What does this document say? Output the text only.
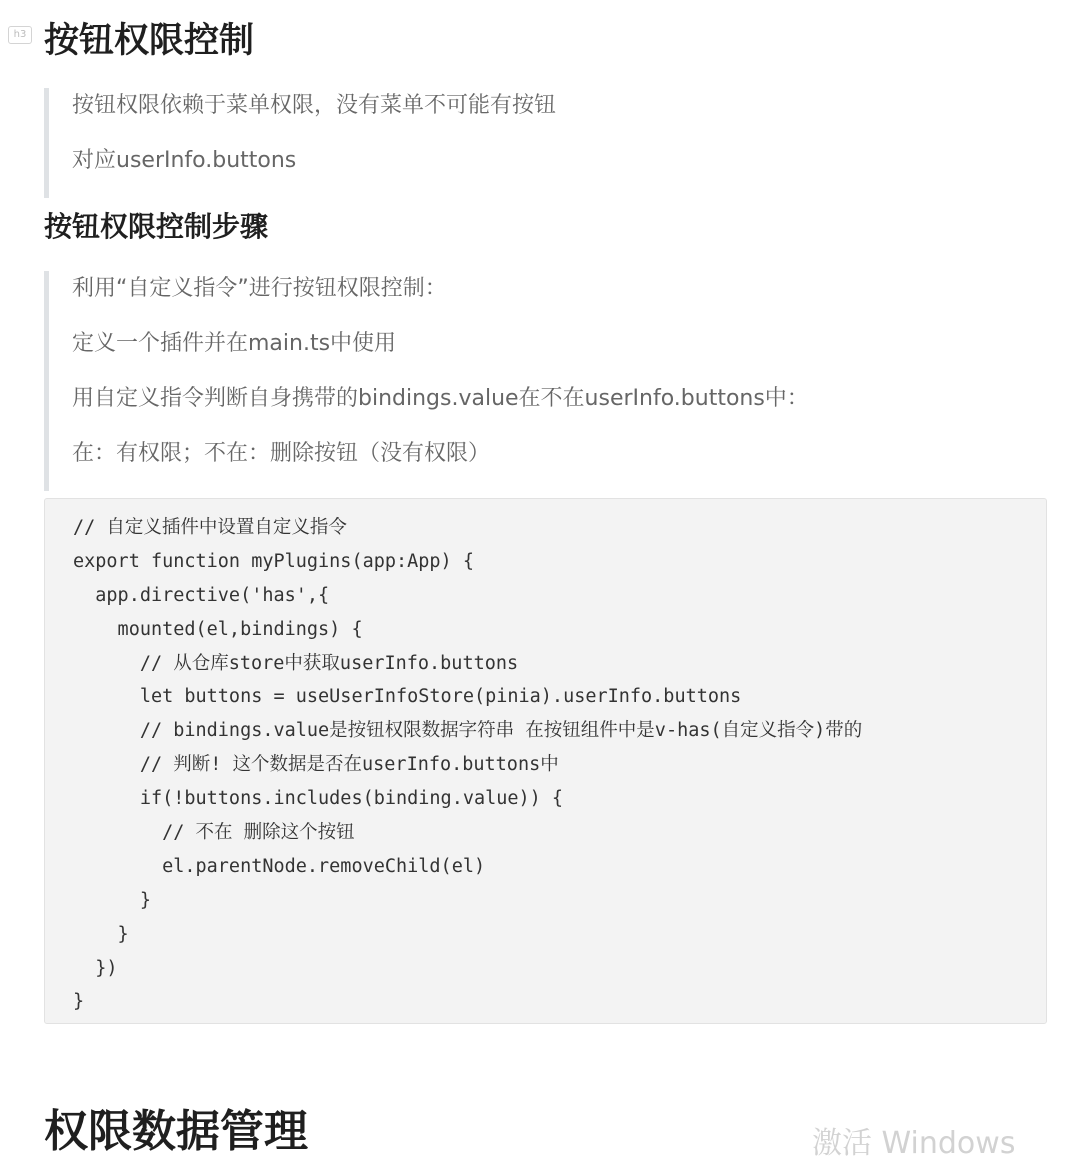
h3 按钮权限控制

按钮权限依赖于菜单权限，没有菜单不可能有按钮

对应userInfo.buttons

按钮权限控制步骤

利用“自定义指令”进行按钮权限控制：

定义一个插件并在main.ts中使用

用自定义指令判断自身携带的bindings.value在不在userInfo.buttons中：

在：有权限；不在：删除按钮（没有权限）

// 自定义插件中设置自定义指令
export function myPlugins(app:App) {
app.directive('has',{
mounted(el,bindings) {
// 从仓库store中获取userInfo.buttons
let buttons = useUserInfoStore(pinia).userInfo.buttons
// bindings.value是按钮权限数据字符串 在按钮组件中是v-has(自定义指令)带的
// 判断! 这个数据是否在userInfo.buttons中
if(!buttons.includes(binding.value)) {
// 不在 删除这个按钮
el.parentNode.removeChild(el)
}
}
})
}
权限数据管理	激活 Windows
